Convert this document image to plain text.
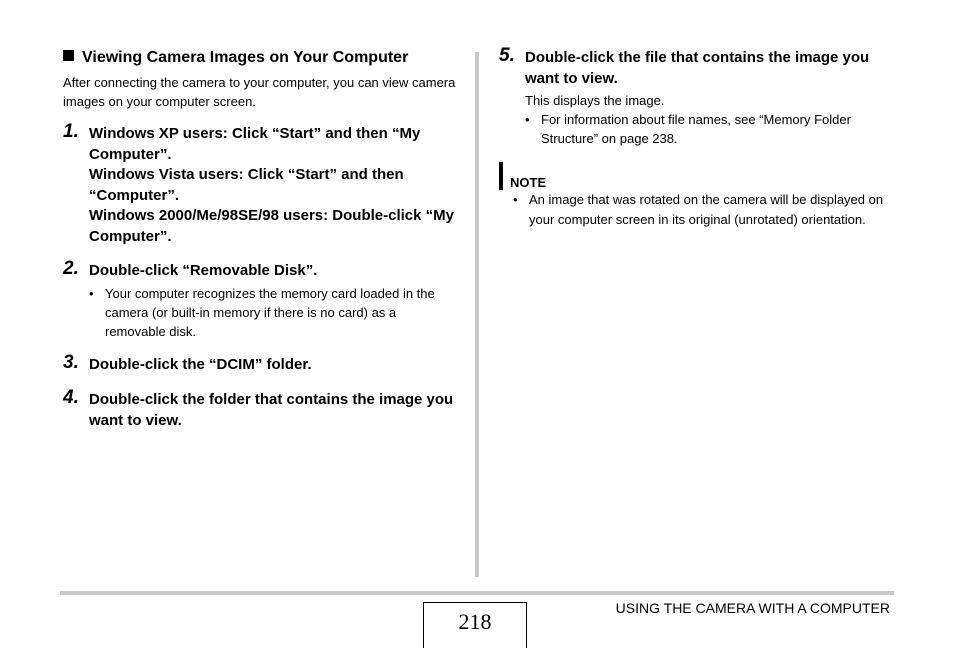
Viewing Camera Images on Your Computer
After connecting the camera to your computer, you can view camera images on your computer screen.
1. Windows XP users: Click “Start” and then “My Computer”.
Windows Vista users: Click “Start” and then “Computer”.
Windows 2000/Me/98SE/98 users: Double-click “My Computer”.
2. Double-click “Removable Disk”.
• Your computer recognizes the memory card loaded in the camera (or built-in memory if there is no card) as a removable disk.
3. Double-click the “DCIM” folder.
4. Double-click the folder that contains the image you want to view.
5. Double-click the file that contains the image you want to view.
This displays the image.
• For information about file names, see “Memory Folder Structure” on page 238.
NOTE
• An image that was rotated on the camera will be displayed on your computer screen in its original (unrotated) orientation.
218
USING THE CAMERA WITH A COMPUTER
